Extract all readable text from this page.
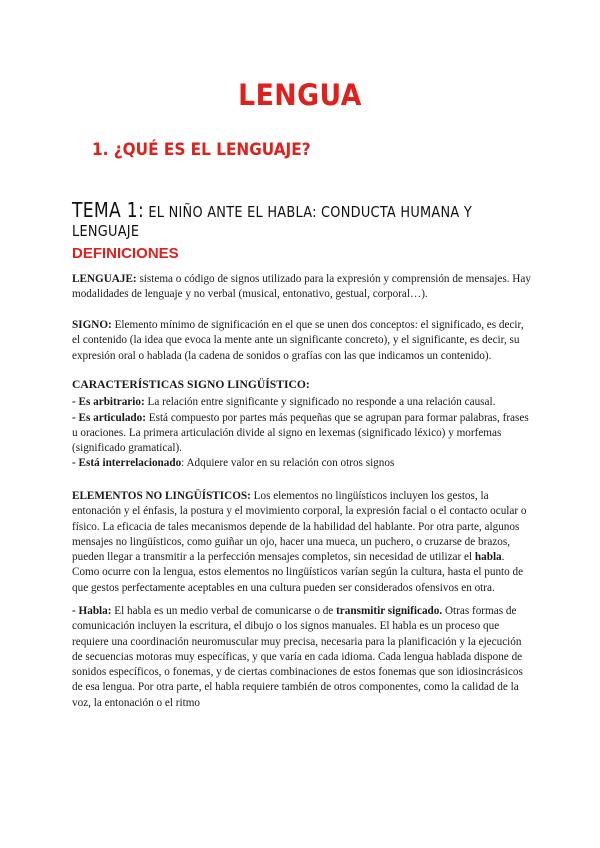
LENGUA
1. ¿QUÉ ES EL LENGUAJE?
TEMA 1: EL NIÑO ANTE EL HABLA: CONDUCTA HUMANA Y LENGUAJE
DEFINICIONES

LENGUAJE: sistema o código de signos utilizado para la expresión y comprensión de mensajes. Hay modalidades de lenguaje y no verbal (musical, entonativo, gestual, corporal…).

SIGNO: Elemento mínimo de significación en el que se unen dos conceptos: el significado, es decir, el contenido (la idea que evoca la mente ante un significante concreto), y el significante, es decir, su expresión oral o hablada (la cadena de sonidos o grafías con las que indicamos un contenido).

CARACTERÍSTICAS SIGNO LINGÜÍSTICO:

- Es arbitrario: La relación entre significante y significado no responde a una relación causal.

- Es articulado: Está compuesto por partes más pequeñas que se agrupan para formar palabras, frases u oraciones. La primera articulación divide al signo en lexemas (significado léxico) y morfemas (significado gramatical).

- Está interrelacionado: Adquiere valor en su relación con otros signos

ELEMENTOS NO LINGÜÍSTICOS: Los elementos no lingüísticos incluyen los gestos, la entonación y el énfasis, la postura y el movimiento corporal, la expresión facial o el contacto ocular o físico. La eficacia de tales mecanismos depende de la habilidad del hablante. Por otra parte, algunos mensajes no lingüísticos, como guiñar un ojo, hacer una mueca, un puchero, o cruzarse de brazos, pueden llegar a transmitir a la perfección mensajes completos, sin necesidad de utilizar el habla. Como ocurre con la lengua, estos elementos no lingüísticos varían según la cultura, hasta el punto de que gestos perfectamente aceptables en una cultura pueden ser considerados ofensivos en otra.

- Habla: El habla es un medio verbal de comunicarse o de transmitir significado. Otras formas de comunicación incluyen la escritura, el dibujo o los signos manuales. El habla es un proceso que requiere una coordinación neuromuscular muy precisa, necesaria para la planificación y la ejecución de secuencias motoras muy específicas, y que varía en cada idioma. Cada lengua hablada dispone de sonidos específicos, o fonemas, y de ciertas combinaciones de estos fonemas que son idiosincrásicos de esa lengua. Por otra parte, el habla requiere también de otros componentes, como la calidad de la voz, la entonación o el ritmo
